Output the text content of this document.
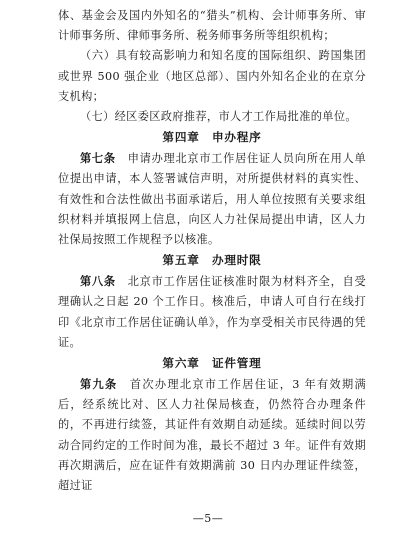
体、基金会及国内外知名的“猎头”机构、会计师事务所、审计师事务所、律师事务所、税务师事务所等组织机构；

（六）具有较高影响力和知名度的国际组织、跨国集团或世界 500 强企业（地区总部）、国内外知名企业的在京分支机构；

（七）经区委区政府推荐，市人才工作局批准的单位。

第四章　申办程序

第七条　申请办理北京市工作居住证人员向所在用人单位提出申请，本人签署诚信声明，对所提供材料的真实性、有效性和合法性做出书面承诺后，用人单位按照有关要求组织材料并填报网上信息，向区人力社保局提出申请，区人力社保局按照工作规程予以核准。

第五章　办理时限

第八条　北京市工作居住证核准时限为材料齐全，自受理确认之日起 20 个工作日。核准后，申请人可自行在线打印《北京市工作居住证确认单》，作为享受相关市民待遇的凭证。

第六章　证件管理

第九条　首次办理北京市工作居住证，3 年有效期满后，经系统比对、区人力社保局核查，仍然符合办理条件的，不再进行续签，其证件有效期自动延续。延续时间以劳动合同约定的工作时间为准，最长不超过 3 年。证件有效期再次期满后，应在证件有效期满前 30 日内办理证件续签，超过证

—5—
